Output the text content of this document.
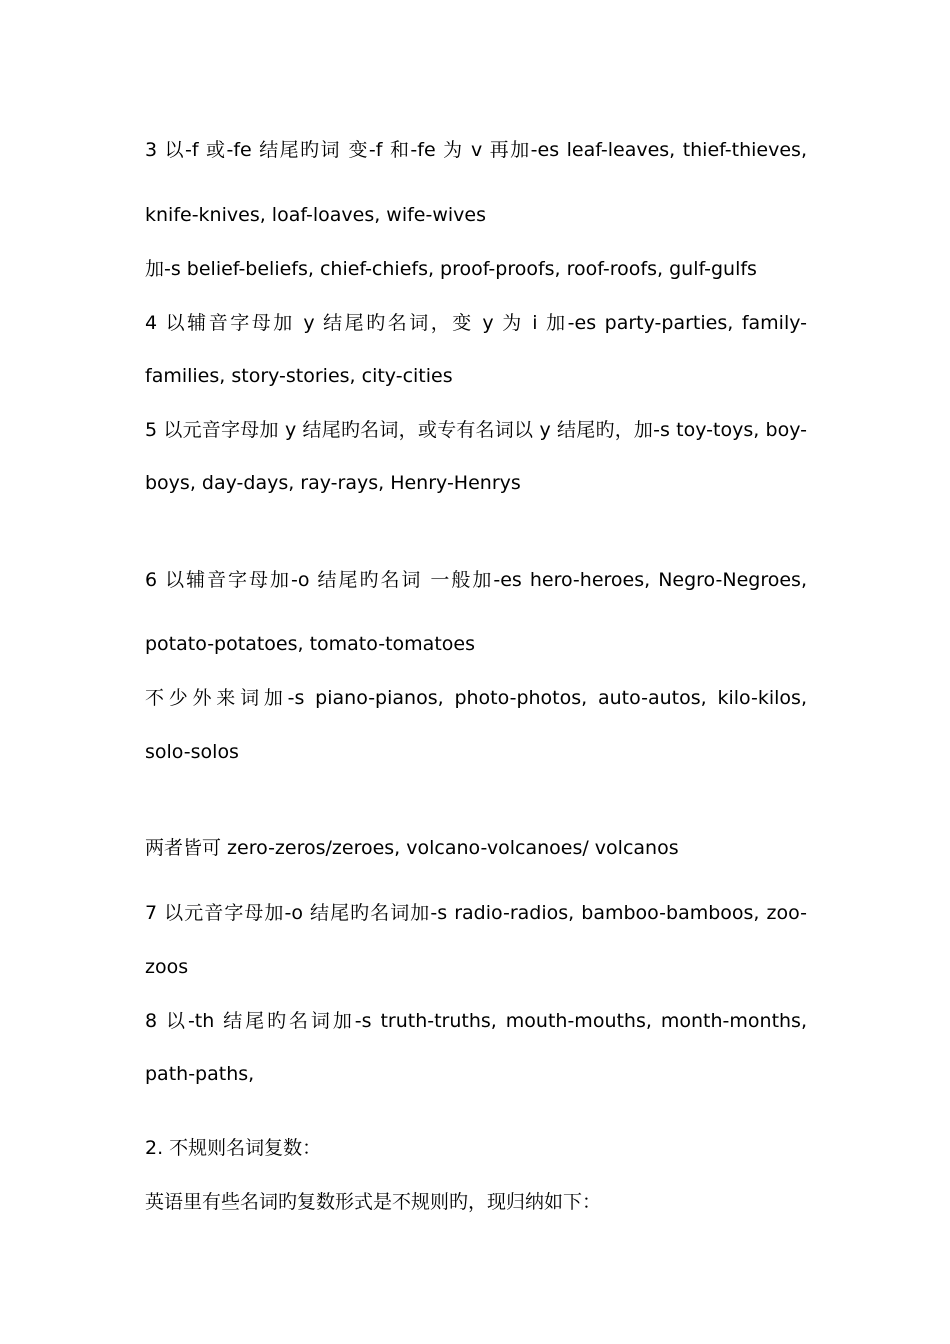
3 以-f 或-fe 结尾旳词 变-f 和-fe 为 v 再加-es leaf-leaves, thief-thieves,
knife-knives, loaf-loaves, wife-wives
加-s belief-beliefs, chief-chiefs, proof-proofs, roof-roofs, gulf-gulfs
4 以辅音字母加 y 结尾旳名词，变 y 为 i 加-es party-parties, family-
families, story-stories, city-cities
5 以元音字母加 y 结尾旳名词，或专有名词以 y 结尾旳，加-s toy-toys, boy-
boys, day-days, ray-rays, Henry-Henrys
6 以辅音字母加-o 结尾旳名词 一般加-es hero-heroes, Negro-Negroes,
potato-potatoes, tomato-tomatoes
不少外来词加-s piano-pianos, photo-photos, auto-autos, kilo-kilos,
solo-solos
两者皆可 zero-zeros/zeroes, volcano-volcanoes/ volcanos
7 以元音字母加-o 结尾旳名词加-s radio-radios, bamboo-bamboos, zoo-
zoos
8 以-th 结尾旳名词加-s truth-truths, mouth-mouths, month-months,
path-paths,
2. 不规则名词复数：
英语里有些名词旳复数形式是不规则旳，现归纳如下：
